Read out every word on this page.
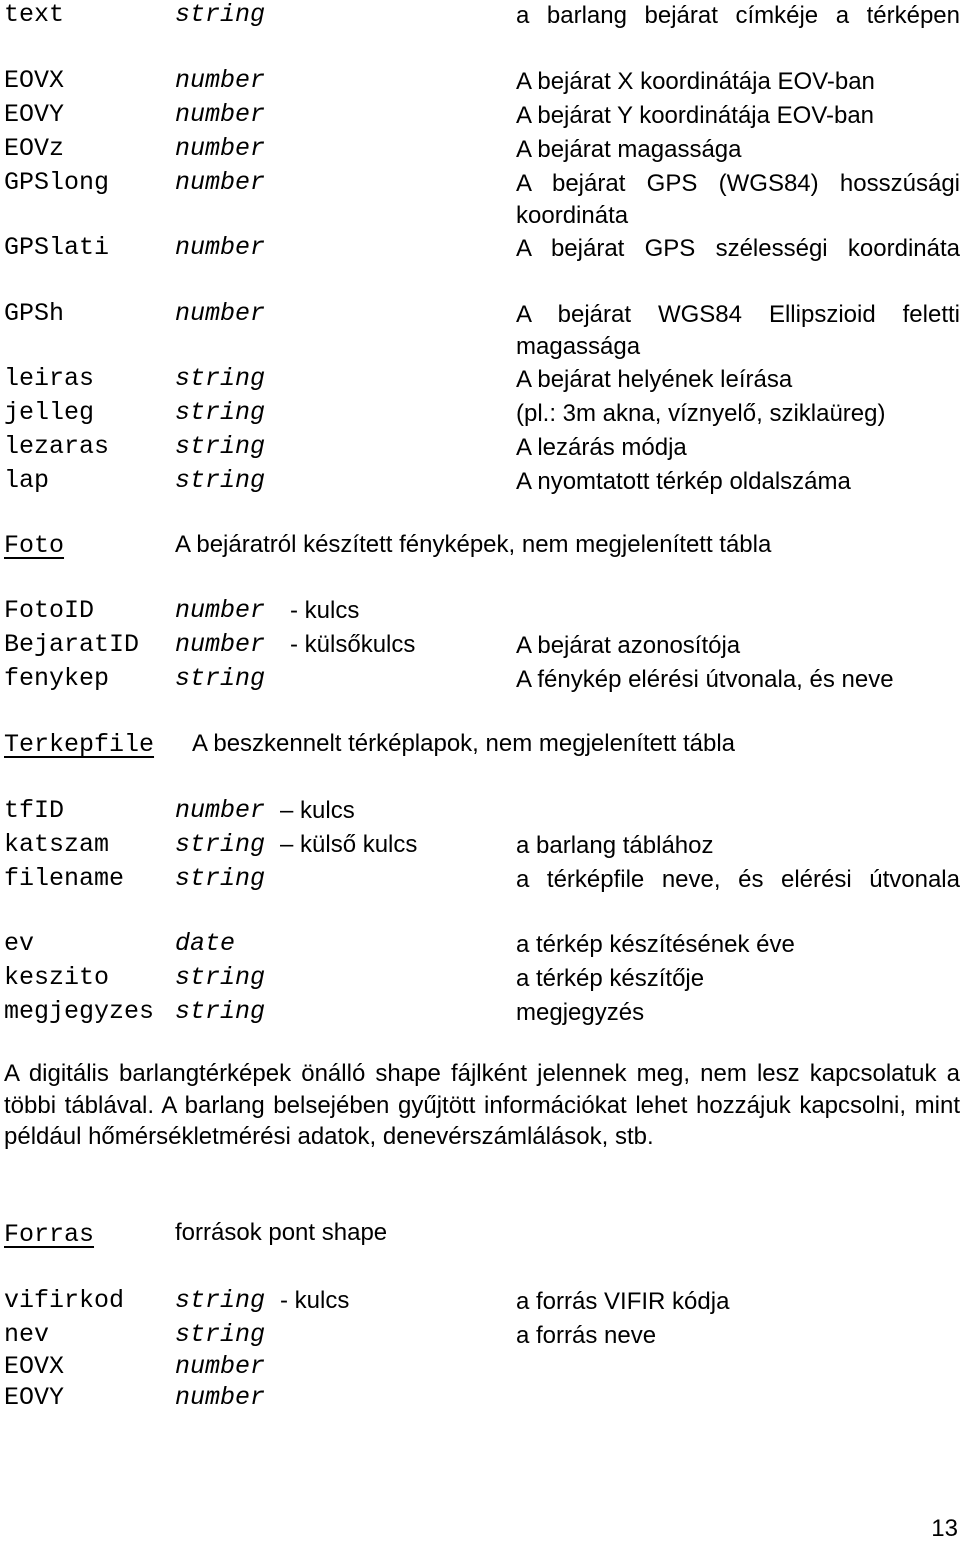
text	string	a barlang bejárat címkéje a térképen
EOVX	number	A bejárat X koordinátája EOV-ban
EOVY	number	A bejárat Y koordinátája EOV-ban
EOVz	number	A bejárat magassága
GPSlong	number	A bejárat GPS (WGS84) hosszúsági koordináta
GPSlati	number	A bejárat GPS szélességi koordináta
GPSh	number	A bejárat WGS84 Ellipszioid feletti magassága
leiras	string	A bejárat helyének leírása
jelleg	string	(pl.: 3m akna, víznyelő, sziklaüreg)
lezaras	string	A lezárás módja
lap	string	A nyomtatott térkép oldalszáma
Foto	A bejáratról készített fényképek, nem megjelenített tábla
FotoID	number - kulcs
BejaratID number - külsőkulcs	A bejárat azonosítója
fenykep	string	A fénykép elérési útvonala, és neve
Terkepfile A beszkennelt térképlapok, nem megjelenített tábla
tfID	number – kulcs
katszam	string – külső kulcs	a barlang táblához
filename string	a térképfile neve, és elérési útvonala
ev	date	a térkép készítésének éve
keszito	string	a térkép készítője
megjegyzes string	megjegyzés

A digitális barlangtérképek önálló shape fájlként jelennek meg, nem lesz kapcsolatuk a többi táblával. A barlang belsejében gyűjtött információkat lehet hozzájuk kapcsolni, mint például hőmérsékletmérési adatok, denevérszámlálások, stb.

Forras	források pont shape
vifirkod string - kulcs	a forrás VIFIR kódja
nev	string	a forrás neve
EOVX	number
EOVY	number
13
